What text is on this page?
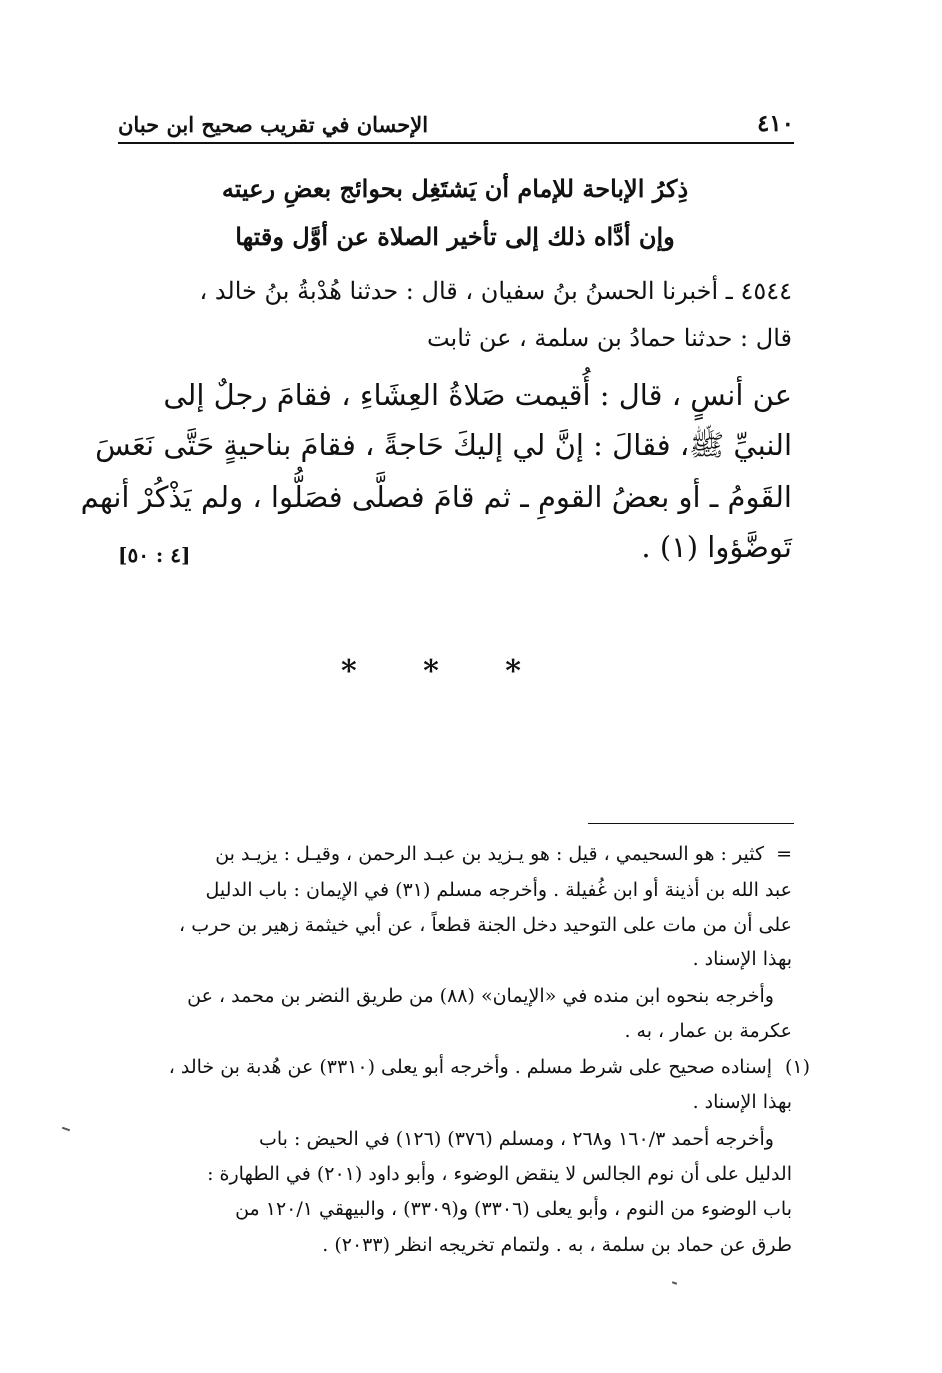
الإحسان في تقريب صحيح ابن حبان	٤١٠
ذِكرُ الإباحة للإمام أن يَشتَغِل بحوائج بعضِ رعيته
وإن أدَّاه ذلك إلى تأخير الصلاة عن أوَّل وقتها
٤٥٤٤ ـ أخبرنا الحسنُ بنُ سفيان ، قال : حدثنا هُدْبةُ بنُ خالد ،
قال : حدثنا حمادُ بن سلمة ، عن ثابت
عن أنسٍ ، قال : أُقيمت صَلاةُ العِشَاءِ ، فقامَ رجلٌ إلى
النبيِّ ﷺ، فقالَ : إنَّ لي إليكَ حَاجةً ، فقامَ بناحيةٍ حَتَّى نَعَسَ
القَومُ ـ أو بعضُ القومِ ـ ثم قامَ فصلَّى فصَلُّوا ، ولم يَذْكُرْ أنهم
تَوضَّؤوا (١) .
[٤ : ٥٠]
* * *
=
كثير : هو السحيمي ، قيل : هو يـزيد بن عبـد الرحمن ، وقيـل : يزيـد بن
عبد الله بن أذينة أو ابن غُفيلة . وأخرجه مسلم (٣١) في الإيمان : باب الدليل
على أن من مات على التوحيد دخل الجنة قطعاً ، عن أبي خيثمة زهير بن حرب ،
بهذا الإسناد .
وأخرجه بنحوه ابن منده في «الإيمان» (٨٨) من طريق النضر بن محمد ، عن
عكرمة بن عمار ، به .
(١)
إسناده صحيح على شرط مسلم . وأخرجه أبو يعلى (٣٣١٠) عن هُدبة بن خالد ،
بهذا الإسناد .
وأخرجه أحمد ١٦٠/٣ و٢٦٨ ، ومسلم (٣٧٦) (١٢٦) في الحيض : باب
الدليل على أن نوم الجالس لا ينقض الوضوء ، وأبو داود (٢٠١) في الطهارة :
باب الوضوء من النوم ، وأبو يعلى (٣٣٠٦) و(٣٣٠٩) ، والبيهقي ١٢٠/١ من
طرق عن حماد بن سلمة ، به . ولتمام تخريجه انظر (٢٠٣٣) .
